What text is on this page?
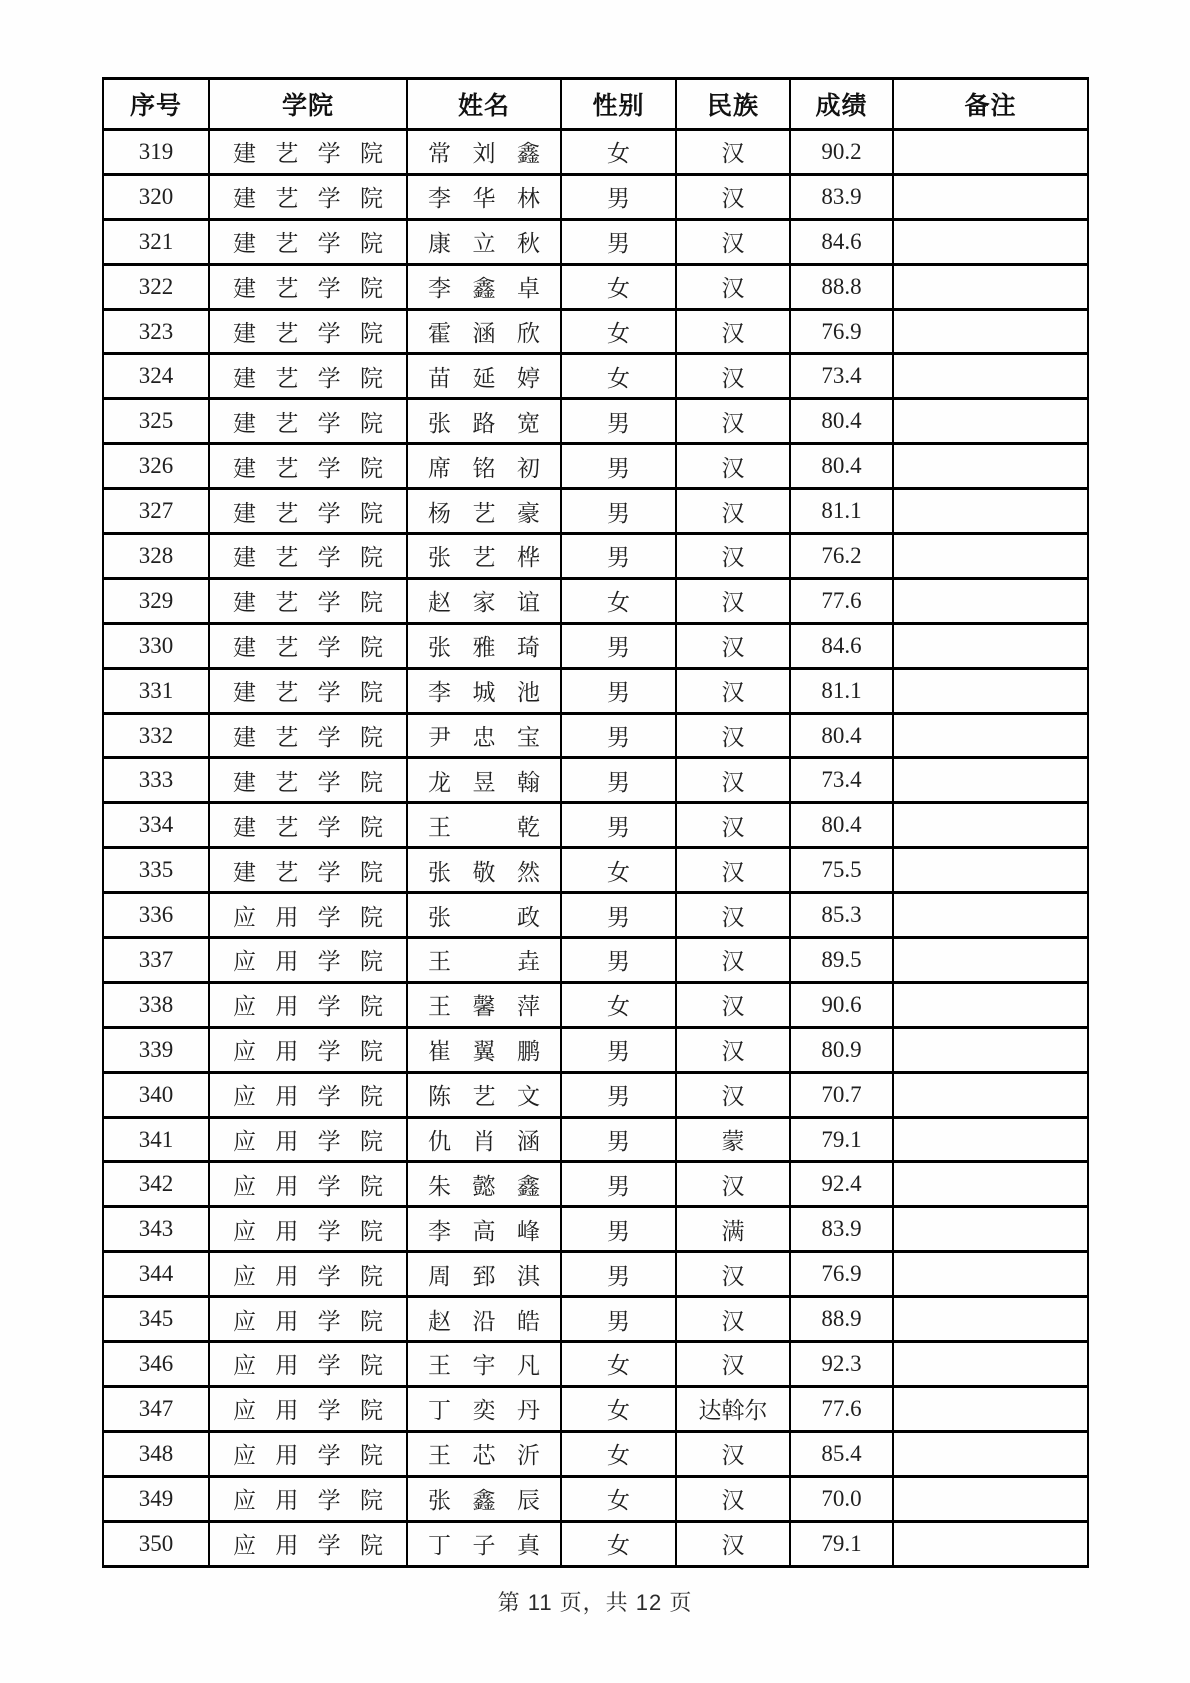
序号	学院	姓名	性别	民族	成绩	备注
319	建 艺 学 院	常 刘 鑫	女	汉	90.2	
320	建 艺 学 院	李 华 林	男	汉	83.9	
321	建 艺 学 院	康 立 秋	男	汉	84.6	
322	建 艺 学 院	李 鑫 卓	女	汉	88.8	
323	建 艺 学 院	霍 涵 欣	女	汉	76.9	
324	建 艺 学 院	苗 延 婷	女	汉	73.4	
325	建 艺 学 院	张 路 宽	男	汉	80.4	
326	建 艺 学 院	席 铭 初	男	汉	80.4	
327	建 艺 学 院	杨 艺 豪	男	汉	81.1	
328	建 艺 学 院	张 艺 桦	男	汉	76.2	
329	建 艺 学 院	赵 家 谊	女	汉	77.6	
330	建 艺 学 院	张 雅 琦	男	汉	84.6	
331	建 艺 学 院	李 城 池	男	汉	81.1	
332	建 艺 学 院	尹 忠 宝	男	汉	80.4	
333	建 艺 学 院	龙 昱 翰	男	汉	73.4	
334	建 艺 学 院	王 乾	男	汉	80.4	
335	建 艺 学 院	张 敬 然	女	汉	75.5	
336	应 用 学 院	张 政	男	汉	85.3	
337	应 用 学 院	王 垚	男	汉	89.5	
338	应 用 学 院	王 馨 萍	女	汉	90.6	
339	应 用 学 院	崔 翼 鹏	男	汉	80.9	
340	应 用 学 院	陈 艺 文	男	汉	70.7	
341	应 用 学 院	仇 肖 涵	男	蒙	79.1	
342	应 用 学 院	朱 懿 鑫	男	汉	92.4	
343	应 用 学 院	李 高 峰	男	满	83.9	
344	应 用 学 院	周 郅 淇	男	汉	76.9	
345	应 用 学 院	赵 沿 皓	男	汉	88.9	
346	应 用 学 院	王 宇 凡	女	汉	92.3	
347	应 用 学 院	丁 奕 丹	女	达斡尔	77.6	
348	应 用 学 院	王 芯 沂	女	汉	85.4	
349	应 用 学 院	张 鑫 辰	女	汉	70.0	
350	应 用 学 院	丁 子 真	女	汉	79.1	
第 11 页，共 12 页
